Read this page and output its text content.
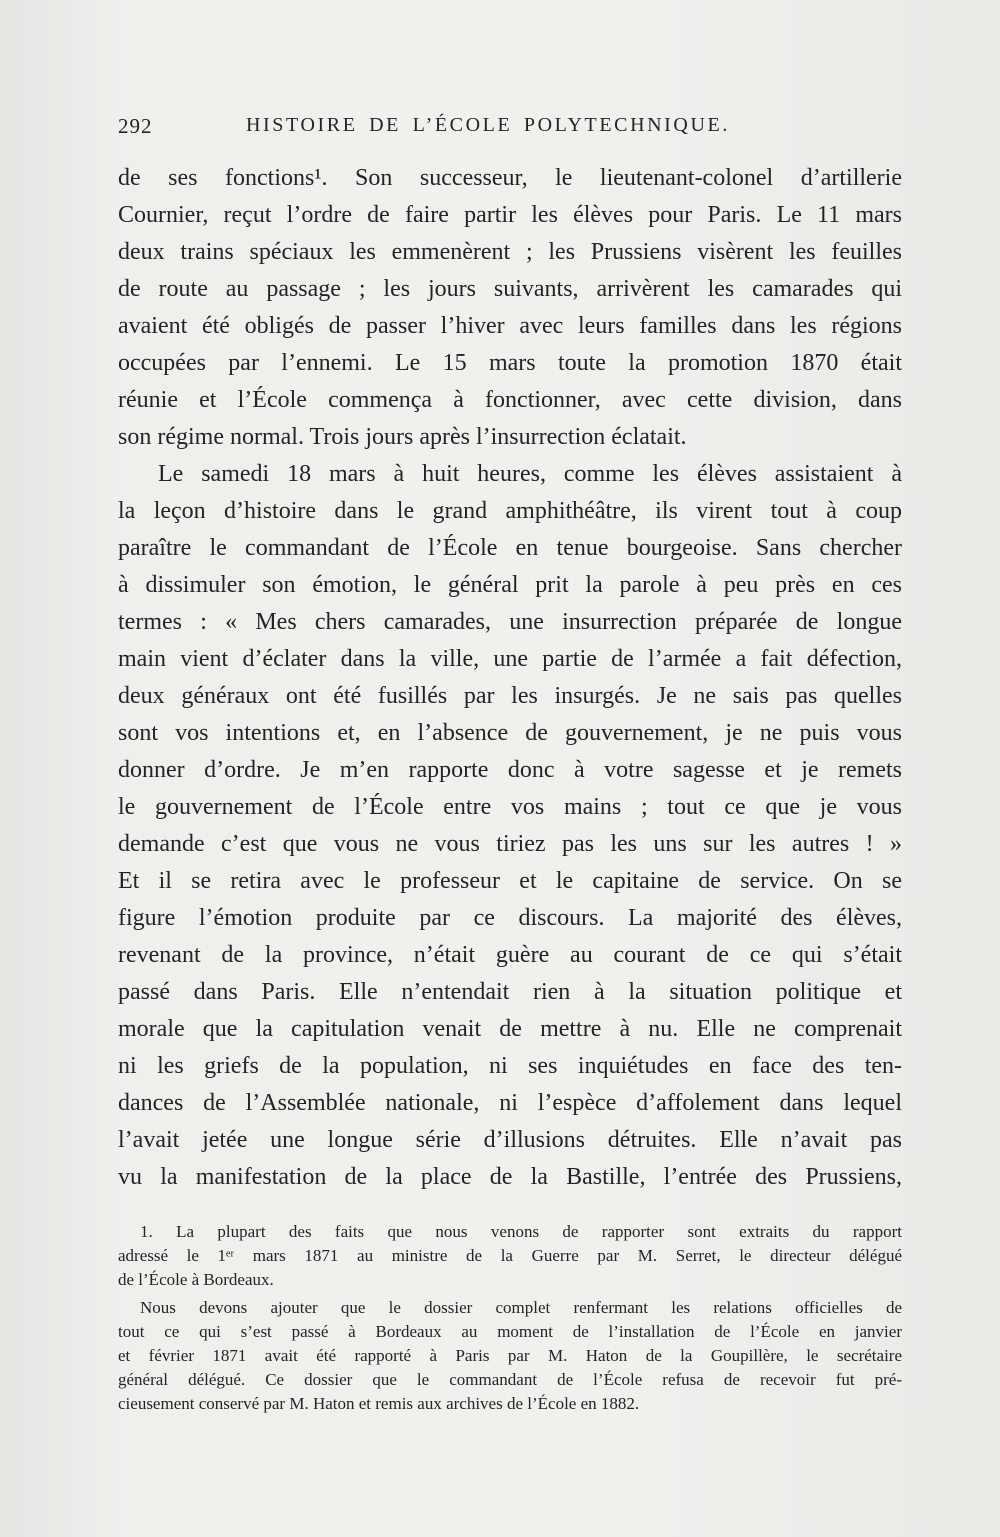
292	HISTOIRE DE L’ÉCOLE POLYTECHNIQUE.
de ses fonctions¹. Son successeur, le lieutenant-colonel d’artillerie
Cournier, reçut l’ordre de faire partir les élèves pour Paris. Le 11 mars
deux trains spéciaux les emmenèrent ; les Prussiens visèrent les feuilles
de route au passage ; les jours suivants, arrivèrent les camarades qui
avaient été obligés de passer l’hiver avec leurs familles dans les régions
occupées par l’ennemi. Le 15 mars toute la promotion 1870 était
réunie et l’École commença à fonctionner, avec cette division, dans
son régime normal. Trois jours après l’insurrection éclatait.
Le samedi 18 mars à huit heures, comme les élèves assistaient à
la leçon d’histoire dans le grand amphithéâtre, ils virent tout à coup
paraître le commandant de l’École en tenue bourgeoise. Sans chercher
à dissimuler son émotion, le général prit la parole à peu près en ces
termes : « Mes chers camarades, une insurrection préparée de longue
main vient d’éclater dans la ville, une partie de l’armée a fait défection,
deux généraux ont été fusillés par les insurgés. Je ne sais pas quelles
sont vos intentions et, en l’absence de gouvernement, je ne puis vous
donner d’ordre. Je m’en rapporte donc à votre sagesse et je remets
le gouvernement de l’École entre vos mains ; tout ce que je vous
demande c’est que vous ne vous tiriez pas les uns sur les autres ! »
Et il se retira avec le professeur et le capitaine de service. On se
figure l’émotion produite par ce discours. La majorité des élèves,
revenant de la province, n’était guère au courant de ce qui s’était
passé dans Paris. Elle n’entendait rien à la situation politique et
morale que la capitulation venait de mettre à nu. Elle ne comprenait
ni les griefs de la population, ni ses inquiétudes en face des ten-
dances de l’Assemblée nationale, ni l’espèce d’affolement dans lequel
l’avait jetée une longue série d’illusions détruites. Elle n’avait pas
vu la manifestation de la place de la Bastille, l’entrée des Prussiens,
1. La plupart des faits que nous venons de rapporter sont extraits du rapport
adressé le 1ᵉʳ mars 1871 au ministre de la Guerre par M. Serret, le directeur délégué
de l’École à Bordeaux.
Nous devons ajouter que le dossier complet renfermant les relations officielles de
tout ce qui s’est passé à Bordeaux au moment de l’installation de l’École en janvier
et février 1871 avait été rapporté à Paris par M. Haton de la Goupillère, le secrétaire
général délégué. Ce dossier que le commandant de l’École refusa de recevoir fut pré-
cieusement conservé par M. Haton et remis aux archives de l’École en 1882.
